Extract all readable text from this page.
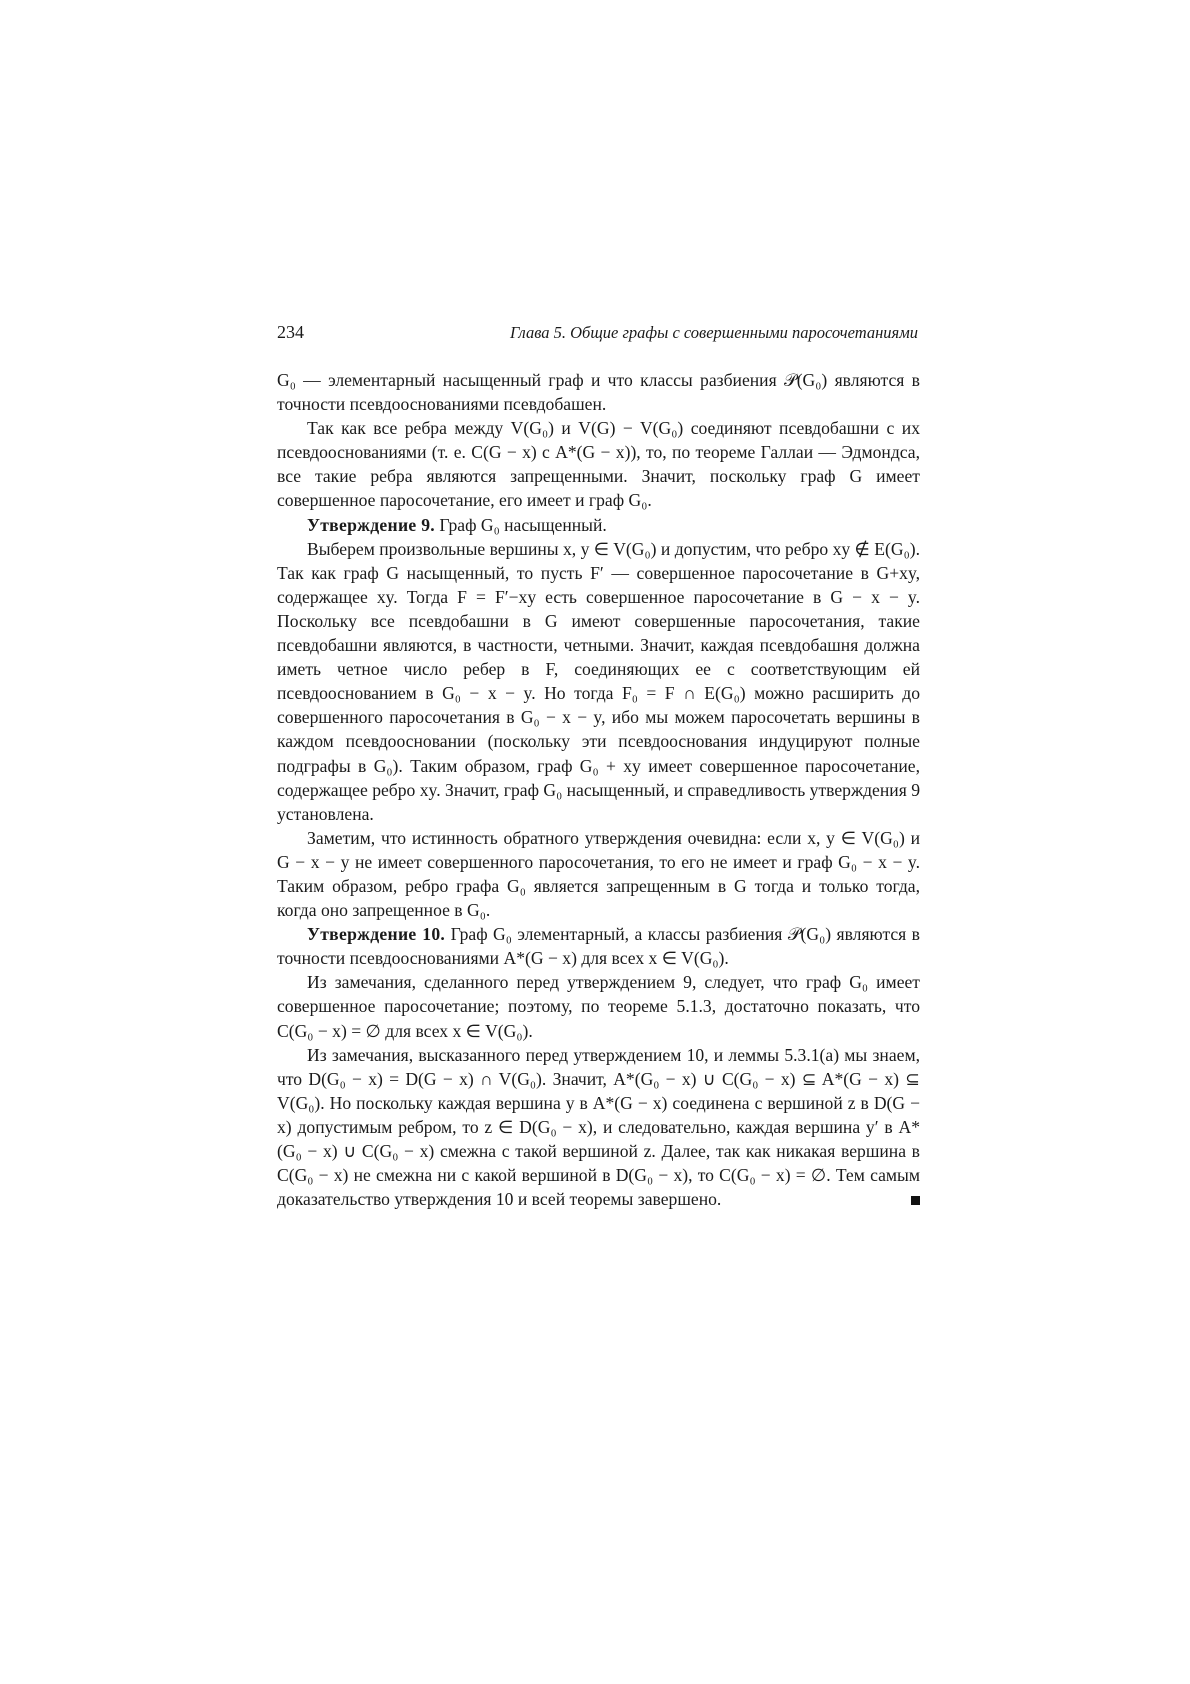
234	Глава 5. Общие графы с совершенными паросочетаниями

G₀ — элементарный насыщенный граф и что классы разбиения 𝒫(G₀) являются в точности псевдооснованиями псевдобашен.

Так как все ребра между V(G₀) и V(G) − V(G₀) соединяют псевдобашни с их псевдооснованиями (т. е. C(G − x) с A*(G − x)), то, по теореме Галлаи — Эдмондса, все такие ребра являются запрещенными. Значит, поскольку граф G имеет совершенное паросочетание, его имеет и граф G₀.

Утверждение 9. Граф G₀ насыщенный.

Выберем произвольные вершины x, y ∈ V(G₀) и допустим, что ребро xy ∉ E(G₀). Так как граф G насыщенный, то пусть F′ — совершенное паросочетание в G+xy, содержащее xy. Тогда F = F′−xy есть совершенное паросочетание в G − x − y. Поскольку все псевдобашни в G имеют совершенные паросочетания, такие псевдобашни являются, в частности, четными. Значит, каждая псевдобашня должна иметь четное число ребер в F, соединяющих ее с соответствующим ей псевдооснованием в G₀ − x − y. Но тогда F₀ = F ∩ E(G₀) можно расширить до совершенного паросочетания в G₀ − x − y, ибо мы можем паросочетать вершины в каждом псевдоосновании (поскольку эти псевдооснования индуцируют полные подграфы в G₀). Таким образом, граф G₀ + xy имеет совершенное паросочетание, содержащее ребро xy. Значит, граф G₀ насыщенный, и справедливость утверждения 9 установлена.

Заметим, что истинность обратного утверждения очевидна: если x, y ∈ V(G₀) и G − x − y не имеет совершенного паросочетания, то его не имеет и граф G₀ − x − y. Таким образом, ребро графа G₀ является запрещенным в G тогда и только тогда, когда оно запрещенное в G₀.

Утверждение 10. Граф G₀ элементарный, а классы разбиения 𝒫(G₀) являются в точности псевдооснованиями A*(G − x) для всех x ∈ V(G₀).

Из замечания, сделанного перед утверждением 9, следует, что граф G₀ имеет совершенное паросочетание; поэтому, по теореме 5.1.3, достаточно показать, что C(G₀ − x) = ∅ для всех x ∈ V(G₀).

Из замечания, высказанного перед утверждением 10, и леммы 5.3.1(a) мы знаем, что D(G₀ − x) = D(G − x) ∩ V(G₀). Значит, A*(G₀ − x) ∪ C(G₀ − x) ⊆ A*(G − x) ⊆ V(G₀). Но поскольку каждая вершина y в A*(G − x) соединена с вершиной z в D(G − x) допустимым ребром, то z ∈ D(G₀ − x), и следовательно, каждая вершина y′ в A*(G₀ − x) ∪ C(G₀ − x) смежна с такой вершиной z. Далее, так как никакая вершина в C(G₀ − x) не смежна ни с какой вершиной в D(G₀ − x), то C(G₀ − x) = ∅. Тем самым доказательство утверждения 10 и всей теоремы завершено.
